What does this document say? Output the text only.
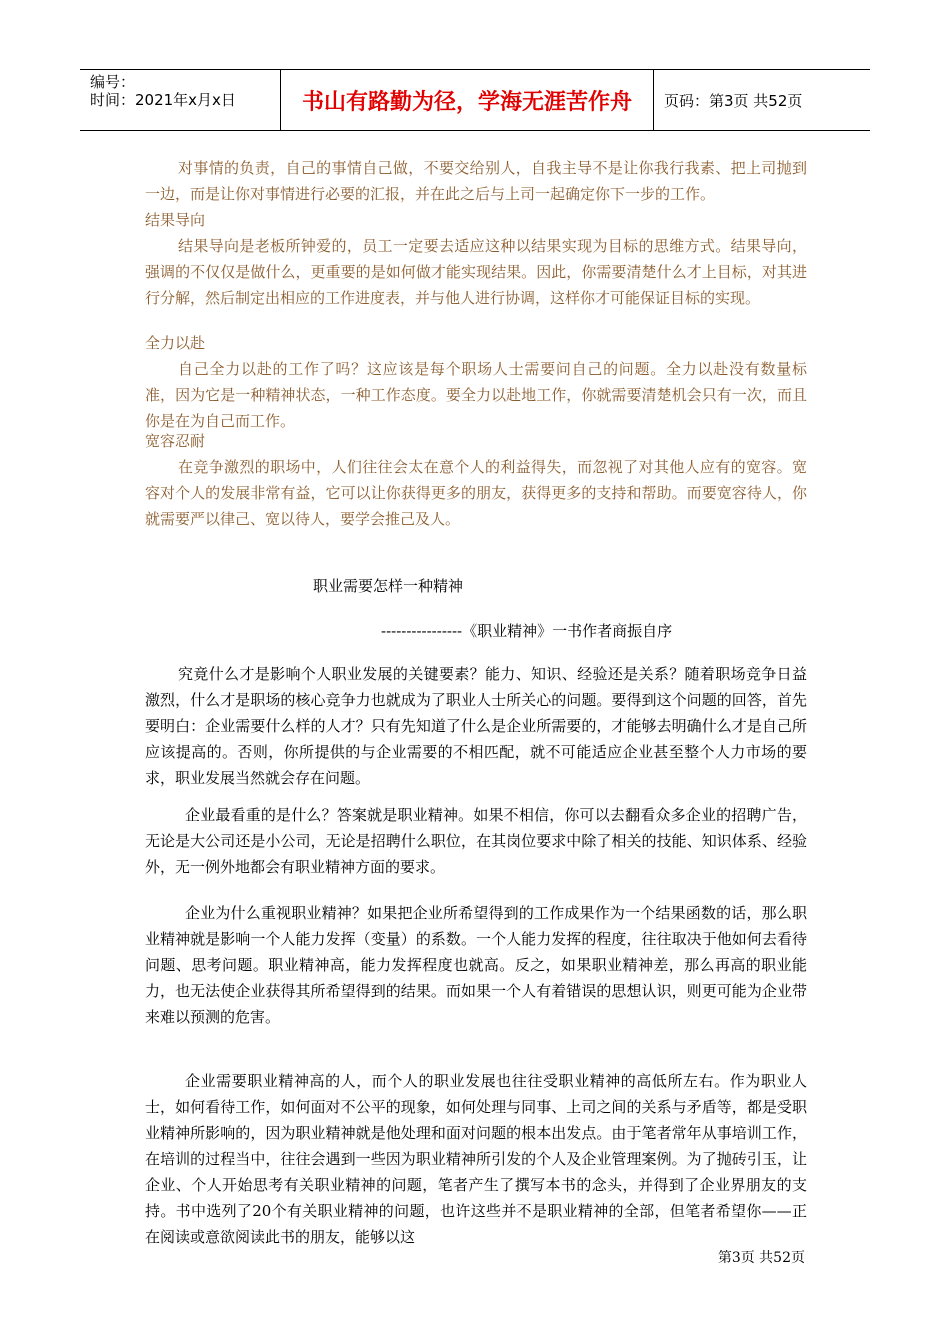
编号：
时间：2021年x月x日	书山有路勤为径，学海无涯苦作舟	页码：第3页 共52页

对事情的负责，自己的事情自己做，不要交给别人，自我主导不是让你我行我素、把上司抛到一边，而是让你对事情进行必要的汇报，并在此之后与上司一起确定你下一步的工作。

结果导向

结果导向是老板所钟爱的，员工一定要去适应这种以结果实现为目标的思维方式。结果导向，强调的不仅仅是做什么，更重要的是如何做才能实现结果。因此，你需要清楚什么才上目标，对其进行分解，然后制定出相应的工作进度表，并与他人进行协调，这样你才可能保证目标的实现。

全力以赴

自己全力以赴的工作了吗？这应该是每个职场人士需要问自己的问题。全力以赴没有数量标准，因为它是一种精神状态，一种工作态度。要全力以赴地工作，你就需要清楚机会只有一次，而且你是在为自己而工作。

宽容忍耐

在竞争激烈的职场中，人们往往会太在意个人的利益得失，而忽视了对其他人应有的宽容。宽容对个人的发展非常有益，它可以让你获得更多的朋友，获得更多的支持和帮助。而要宽容待人，你就需要严以律己、宽以待人，要学会推己及人。

职业需要怎样一种精神
----------------《职业精神》一书作者商振自序

究竟什么才是影响个人职业发展的关键要素？能力、知识、经验还是关系？随着职场竞争日益激烈，什么才是职场的核心竞争力也就成为了职业人士所关心的问题。要得到这个问题的回答，首先要明白：企业需要什么样的人才？只有先知道了什么是企业所需要的，才能够去明确什么才是自己所应该提高的。否则，你所提供的与企业需要的不相匹配，就不可能适应企业甚至整个人力市场的要求，职业发展当然就会存在问题。

企业最看重的是什么？答案就是职业精神。如果不相信，你可以去翻看众多企业的招聘广告，无论是大公司还是小公司，无论是招聘什么职位，在其岗位要求中除了相关的技能、知识体系、经验外，无一例外地都会有职业精神方面的要求。

企业为什么重视职业精神？如果把企业所希望得到的工作成果作为一个结果函数的话，那么职业精神就是影响一个人能力发挥（变量）的系数。一个人能力发挥的程度，往往取决于他如何去看待问题、思考问题。职业精神高，能力发挥程度也就高。反之，如果职业精神差，那么再高的职业能力，也无法使企业获得其所希望得到的结果。而如果一个人有着错误的思想认识，则更可能为企业带来难以预测的危害。

企业需要职业精神高的人，而个人的职业发展也往往受职业精神的高低所左右。作为职业人士，如何看待工作，如何面对不公平的现象，如何处理与同事、上司之间的关系与矛盾等，都是受职业精神所影响的，因为职业精神就是他处理和面对问题的根本出发点。由于笔者常年从事培训工作，在培训的过程当中，往往会遇到一些因为职业精神所引发的个人及企业管理案例。为了抛砖引玉，让企业、个人开始思考有关职业精神的问题，笔者产生了撰写本书的念头，并得到了企业界朋友的支持。书中选列了20个有关职业精神的问题，也许这些并不是职业精神的全部，但笔者希望你——正在阅读或意欲阅读此书的朋友，能够以这

第3页 共52页
